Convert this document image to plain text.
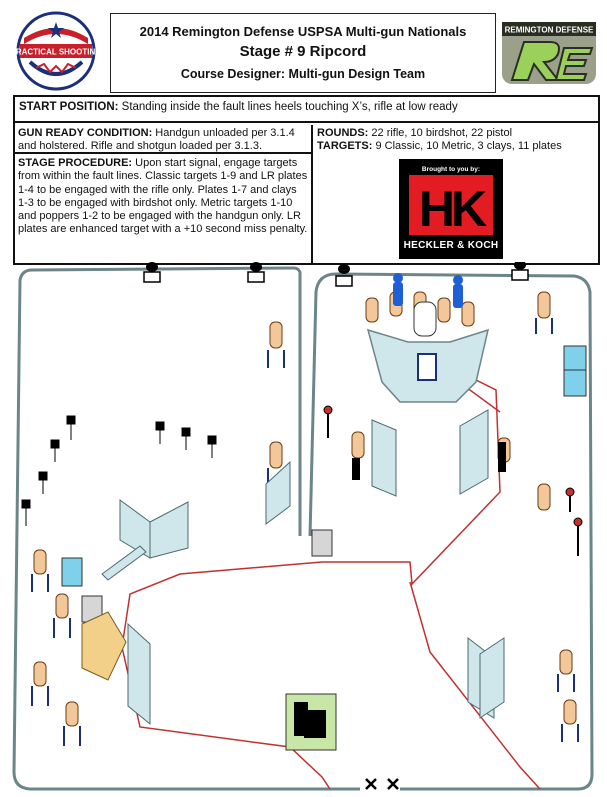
PRACTICAL SHOOTING
2014 Remington Defense USPSA Multi-gun Nationals
Stage # 9 Ripcord
Course Designer: Multi-gun Design Team
REMINGTON DEFENSE
START POSITION: Standing inside the fault lines heels touching X’s, rifle at low ready
GUN READY CONDITION: Handgun unloaded per 3.1.4 and holstered. Rifle and shotgun loaded per 3.1.3.
STAGE PROCEDURE: Upon start signal, engage targets from within the fault lines. Classic targets 1-9 and LR plates 1-4 to be engaged with the rifle only. Plates 1-7 and clays 1-3 to be engaged with birdshot only. Metric targets 1-10 and poppers 1-2 to be engaged with the handgun only. LR plates are enhanced target with a +10 second miss penalty.
ROUNDS: 22 rifle, 10 birdshot, 22 pistol
TARGETS: 9 Classic, 10 Metric, 3 clays, 11 plates
Brought to you by:
HK
HECKLER & KOCH
